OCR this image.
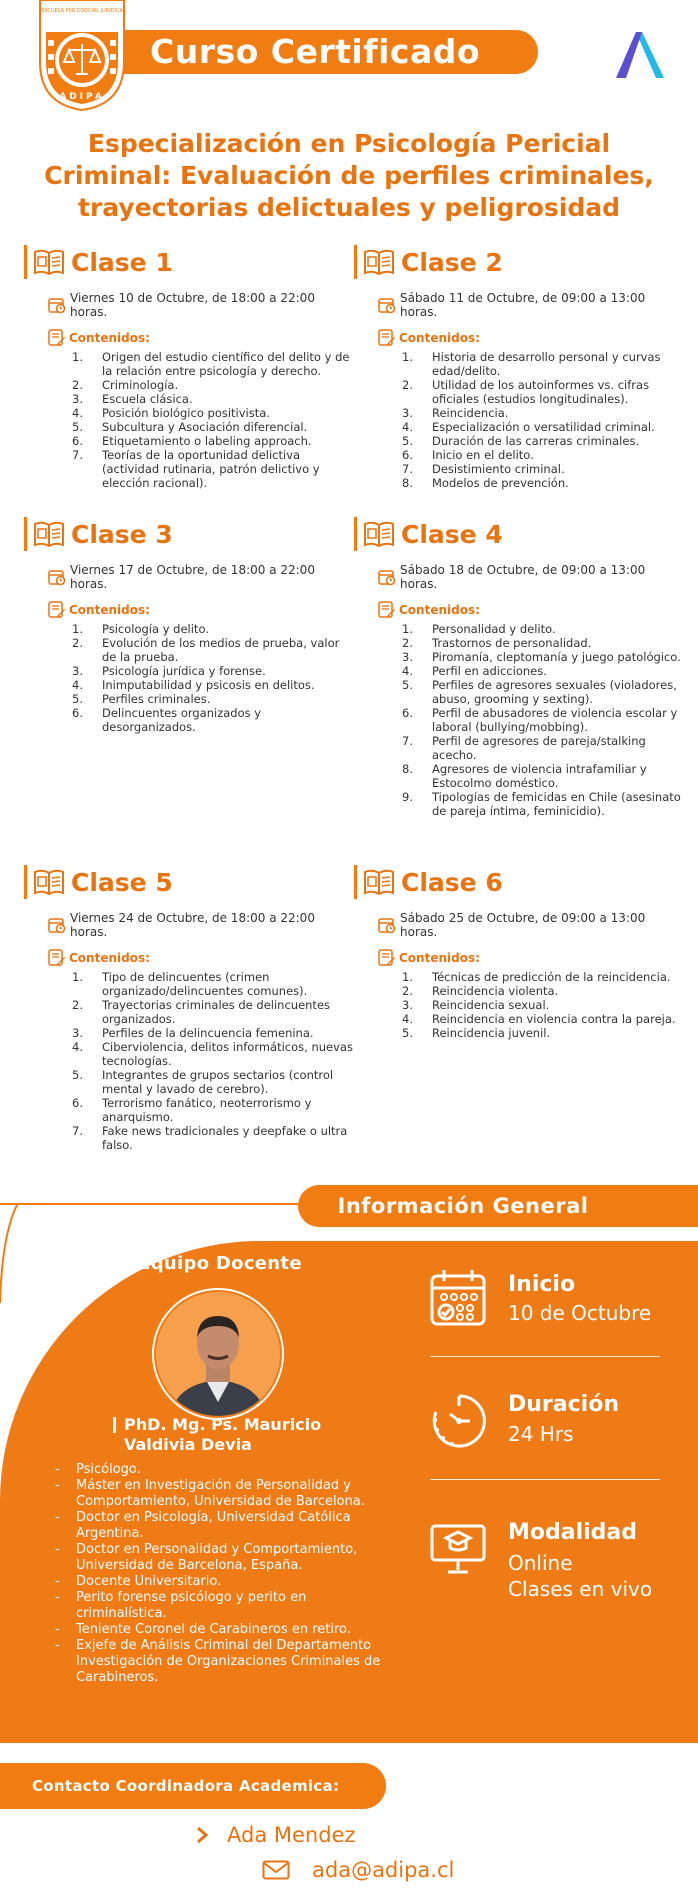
Curso Certificado
ESCUELA PSICOSOCIAL JURÍDICA
ADIPA
Especialización en Psicología Pericial Criminal: Evaluación de perfiles criminales, trayectorias delictuales y peligrosidad
Clase 1
Viernes 10 de Octubre, de 18:00 a 22:00 horas.
Contenidos:
1. Origen del estudio científico del delito y de la relación entre psicología y derecho.
2. Criminología.
3. Escuela clásica.
4. Posición biológico positivista.
5. Subcultura y Asociación diferencial.
6. Etiquetamiento o labeling approach.
7. Teorías de la oportunidad delictiva (actividad rutinaria, patrón delictivo y elección racional).
Clase 2
Sábado 11 de Octubre, de 09:00 a 13:00 horas.
Contenidos:
1. Historia de desarrollo personal y curvas edad/delito.
2. Utilidad de los autoinformes vs. cifras oficiales (estudios longitudinales).
3. Reincidencia.
4. Especialización o versatilidad criminal.
5. Duración de las carreras criminales.
6. Inicio en el delito.
7. Desistimiento criminal.
8. Modelos de prevención.
Clase 3
Viernes 17 de Octubre, de 18:00 a 22:00 horas.
Contenidos:
1. Psicología y delito.
2. Evolución de los medios de prueba, valor de la prueba.
3. Psicología jurídica y forense.
4. Inimputabilidad y psicosis en delitos.
5. Perfiles criminales.
6. Delincuentes organizados y desorganizados.
Clase 4
Sábado 18 de Octubre, de 09:00 a 13:00 horas.
Contenidos:
1. Personalidad y delito.
2. Trastornos de personalidad.
3. Piromanía, cleptomanía y juego patológico.
4. Perfil en adicciones.
5. Perfiles de agresores sexuales (violadores, abuso, grooming y sexting).
6. Perfil de abusadores de violencia escolar y laboral (bullying/mobbing).
7. Perfil de agresores de pareja/stalking acecho.
8. Agresores de violencia intrafamiliar y Estocolmo doméstico.
9. Tipologías de femicidas en Chile (asesinato de pareja íntima, feminicidio).
Clase 5
Viernes 24 de Octubre, de 18:00 a 22:00 horas.
Contenidos:
1. Tipo de delincuentes (crimen organizado/delincuentes comunes).
2. Trayectorias criminales de delincuentes organizados.
3. Perfiles de la delincuencia femenina.
4. Ciberviolencia, delitos informáticos, nuevas tecnologías.
5. Integrantes de grupos sectarios (control mental y lavado de cerebro).
6. Terrorismo fanático, neoterrorismo y anarquismo.
7. Fake news tradicionales y deepfake o ultra falso.
Clase 6
Sábado 25 de Octubre, de 09:00 a 13:00 horas.
Contenidos:
1. Técnicas de predicción de la reincidencia.
2. Reincidencia violenta.
3. Reincidencia sexual.
4. Reincidencia en violencia contra la pareja.
5. Reincidencia juvenil.
Información General
Equipo Docente
PhD. Mg. Ps. Mauricio
Valdivia Devia
- Psicólogo.
- Máster en Investigación de Personalidad y Comportamiento, Universidad de Barcelona.
- Doctor en Psicología, Universidad Católica Argentina.
- Doctor en Personalidad y Comportamiento, Universidad de Barcelona, España.
- Docente Universitario.
- Perito forense psicólogo y perito en criminalística.
- Teniente Coronel de Carabineros en retiro.
- Exjefe de Análisis Criminal del Departamento Investigación de Organizaciones Criminales de Carabineros.
Inicio
10 de Octubre
Duración
24 Hrs
Modalidad
Online
Clases en vivo
Contacto Coordinadora Academica:
Ada Mendez
ada@adipa.cl
